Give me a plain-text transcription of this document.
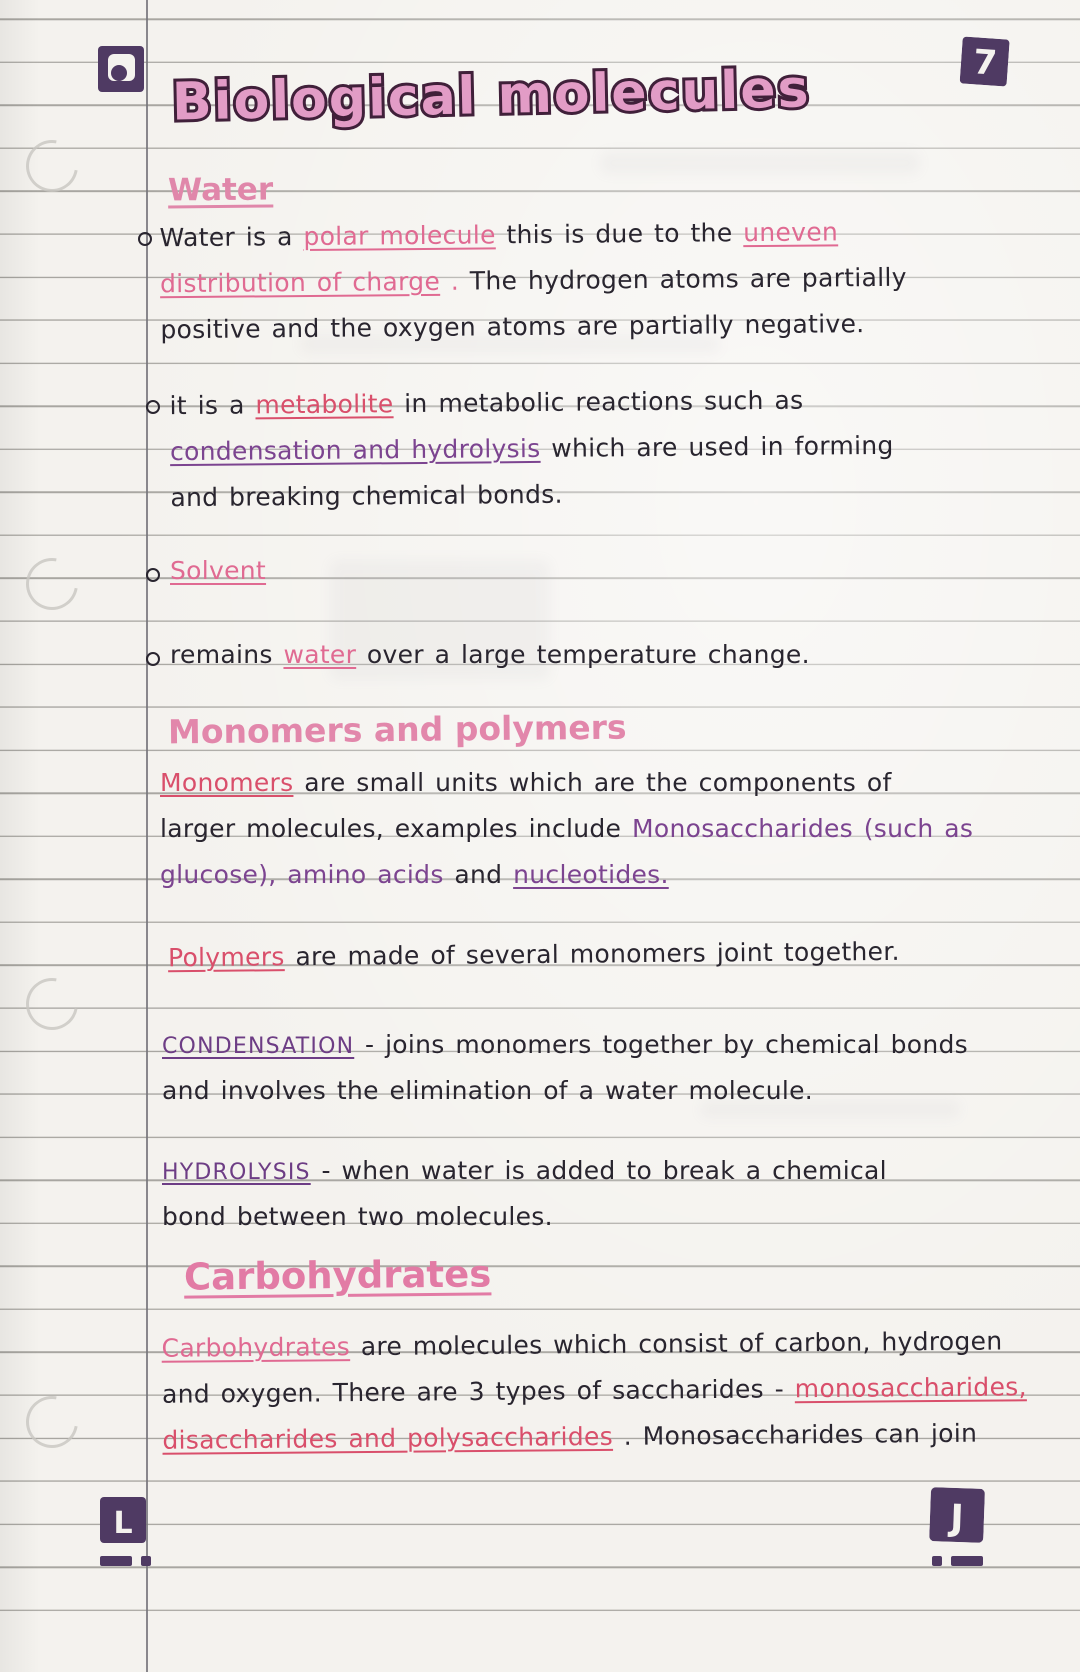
7
L	J
Biological molecules
Water
Water is a polar molecule this is due to the uneven
distribution of charge . The hydrogen atoms are partially
positive and the oxygen atoms are partially negative.
it is a metabolite in metabolic reactions such as
condensation and hydrolysis which are used in forming
and breaking chemical bonds.
Solvent
remains water over a large temperature change.
Monomers and polymers
Monomers are small units which are the components of
larger molecules, examples include Monosaccharides (such as
glucose), amino acids and nucleotides.
Polymers are made of several monomers joint together.
CONDENSATION - joins monomers together by chemical bonds
and involves the elimination of a water molecule.
HYDROLYSIS - when water is added to break a chemical
bond between two molecules.
Carbohydrates
Carbohydrates are molecules which consist of carbon, hydrogen
and oxygen. There are 3 types of saccharides - monosaccharides,
disaccharides and polysaccharides . Monosaccharides can join
